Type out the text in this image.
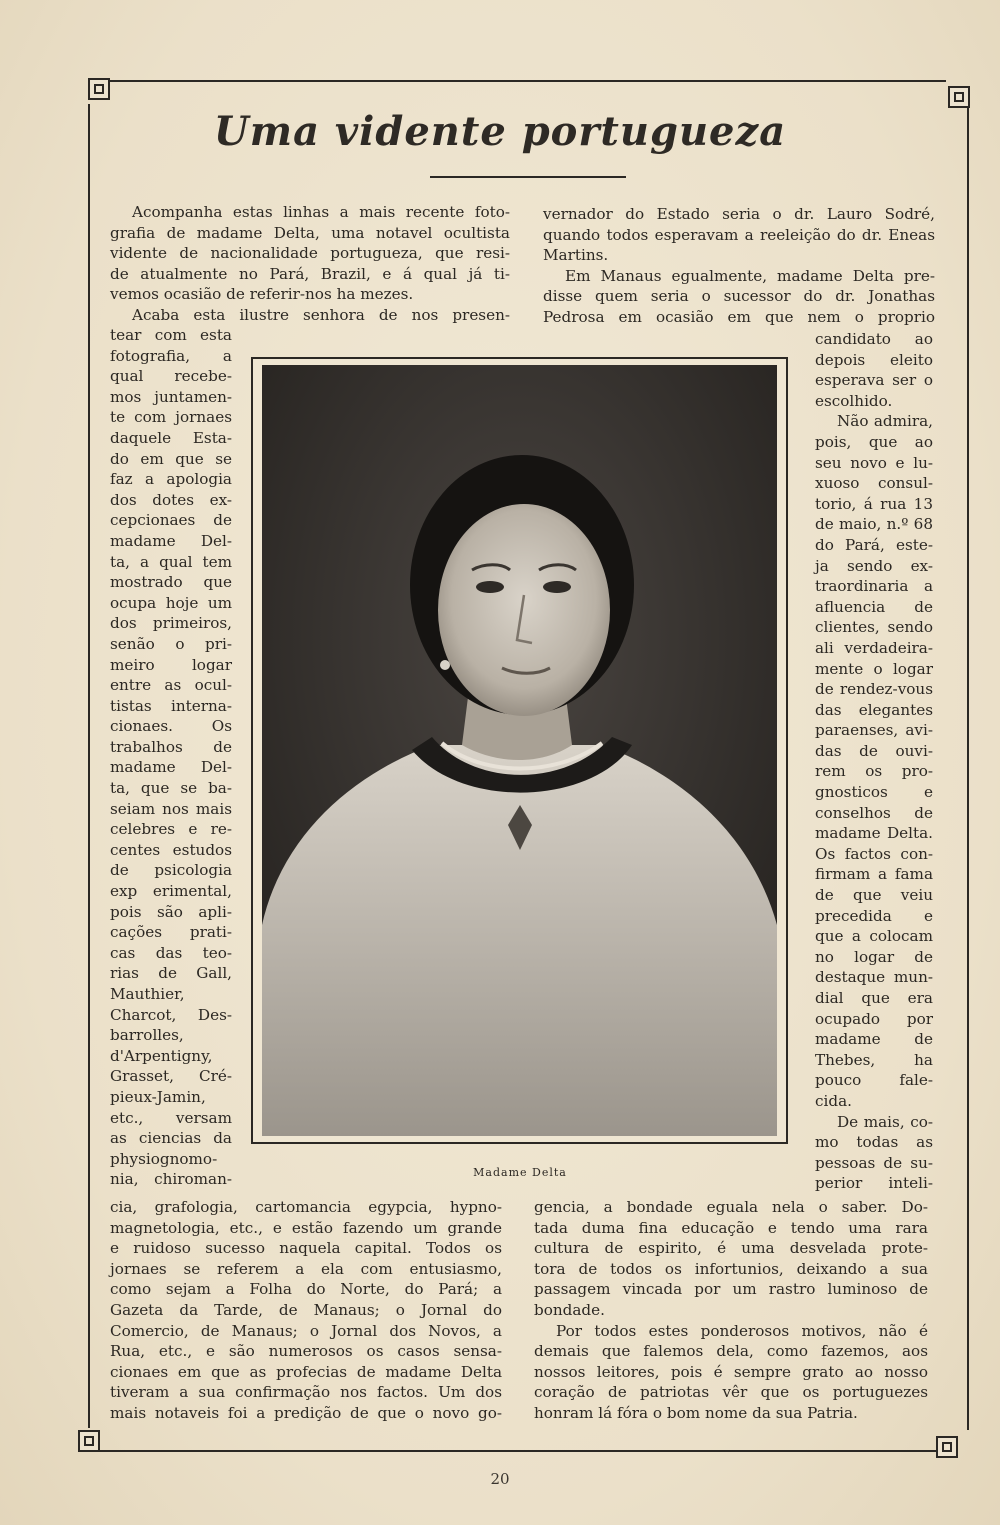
Uma vidente portugueza

Acompanha estas linhas a mais recente foto-

grafia de madame Delta, uma notavel ocultista

vidente de nacionalidade portugueza, que resi-

de atualmente no Pará, Brazil, e á qual já ti-

vemos ocasião de referir-nos ha mezes.

Acaba esta ilustre senhora de nos presen-

tear com esta

fotografia, a

qual recebe-

mos juntamen-

te com jornaes

daquele Esta-

do em que se

faz a apologia

dos dotes ex-

cepcionaes de

madame Del-

ta, a qual tem

mostrado que

ocupa hoje um

dos primeiros,

senão o pri-

meiro logar

entre as ocul-

tistas interna-

cionaes. Os

trabalhos de

madame Del-

ta, que se ba-

seiam nos mais

celebres e re-

centes estudos

de psicologia

exp erimental,

pois são apli-

cações prati-

cas das teo-

rias de Gall,

Mauthier,

Charcot, Des-

barrolles,

d'Arpentigny,

Grasset, Cré-

pieux-Jamin,

etc., versam

as ciencias da

physiognomo-

nia, chiroman-

cia, grafologia, cartomancia egypcia, hypno-

magnetologia, etc., e estão fazendo um grande

e ruidoso sucesso naquela capital. Todos os

jornaes se referem a ela com entusiasmo,

como sejam a Folha do Norte, do Pará; a

Gazeta da Tarde, de Manaus; o Jornal do

Comercio, de Manaus; o Jornal dos Novos, a

Rua, etc., e são numerosos os casos sensa-

cionaes em que as profecias de madame Delta

tiveram a sua confirmação nos factos. Um dos

mais notaveis foi a predição de que o novo go-

vernador do Estado seria o dr. Lauro Sodré,

quando todos esperavam a reeleição do dr. Eneas

Martins.

Em Manaus egualmente, madame Delta pre-

disse quem seria o sucessor do dr. Jonathas

Pedrosa em ocasião em que nem o proprio

candidato ao

depois eleito

esperava ser o

escolhido.

Não admira,

pois, que ao

seu novo e lu-

xuoso consul-

torio, á rua 13

de maio, n.º 68

do Pará, este-

ja sendo ex-

traordinaria a

afluencia de

clientes, sendo

ali verdadeira-

mente o logar

de rendez-vous

das elegantes

paraenses, avi-

das de ouvi-

rem os pro-

gnosticos e

conselhos de

madame Delta.

Os factos con-

firmam a fama

de que veiu

precedida e

que a colocam

no logar de

destaque mun-

dial que era

ocupado por

madame de

Thebes, ha

pouco fale-

cida.

De mais, co-

mo todas as

pessoas de su-

perior inteli-

gencia, a bondade eguala nela o saber. Do-

tada duma fina educação e tendo uma rara

cultura de espirito, é uma desvelada prote-

tora de todos os infortunios, deixando a sua

passagem vincada por um rastro luminoso de

bondade.

Por todos estes ponderosos motivos, não é

demais que falemos dela, como fazemos, aos

nossos leitores, pois é sempre grato ao nosso

coração de patriotas vêr que os portuguezes

honram lá fóra o bom nome da sua Patria.

Madame Delta
20
